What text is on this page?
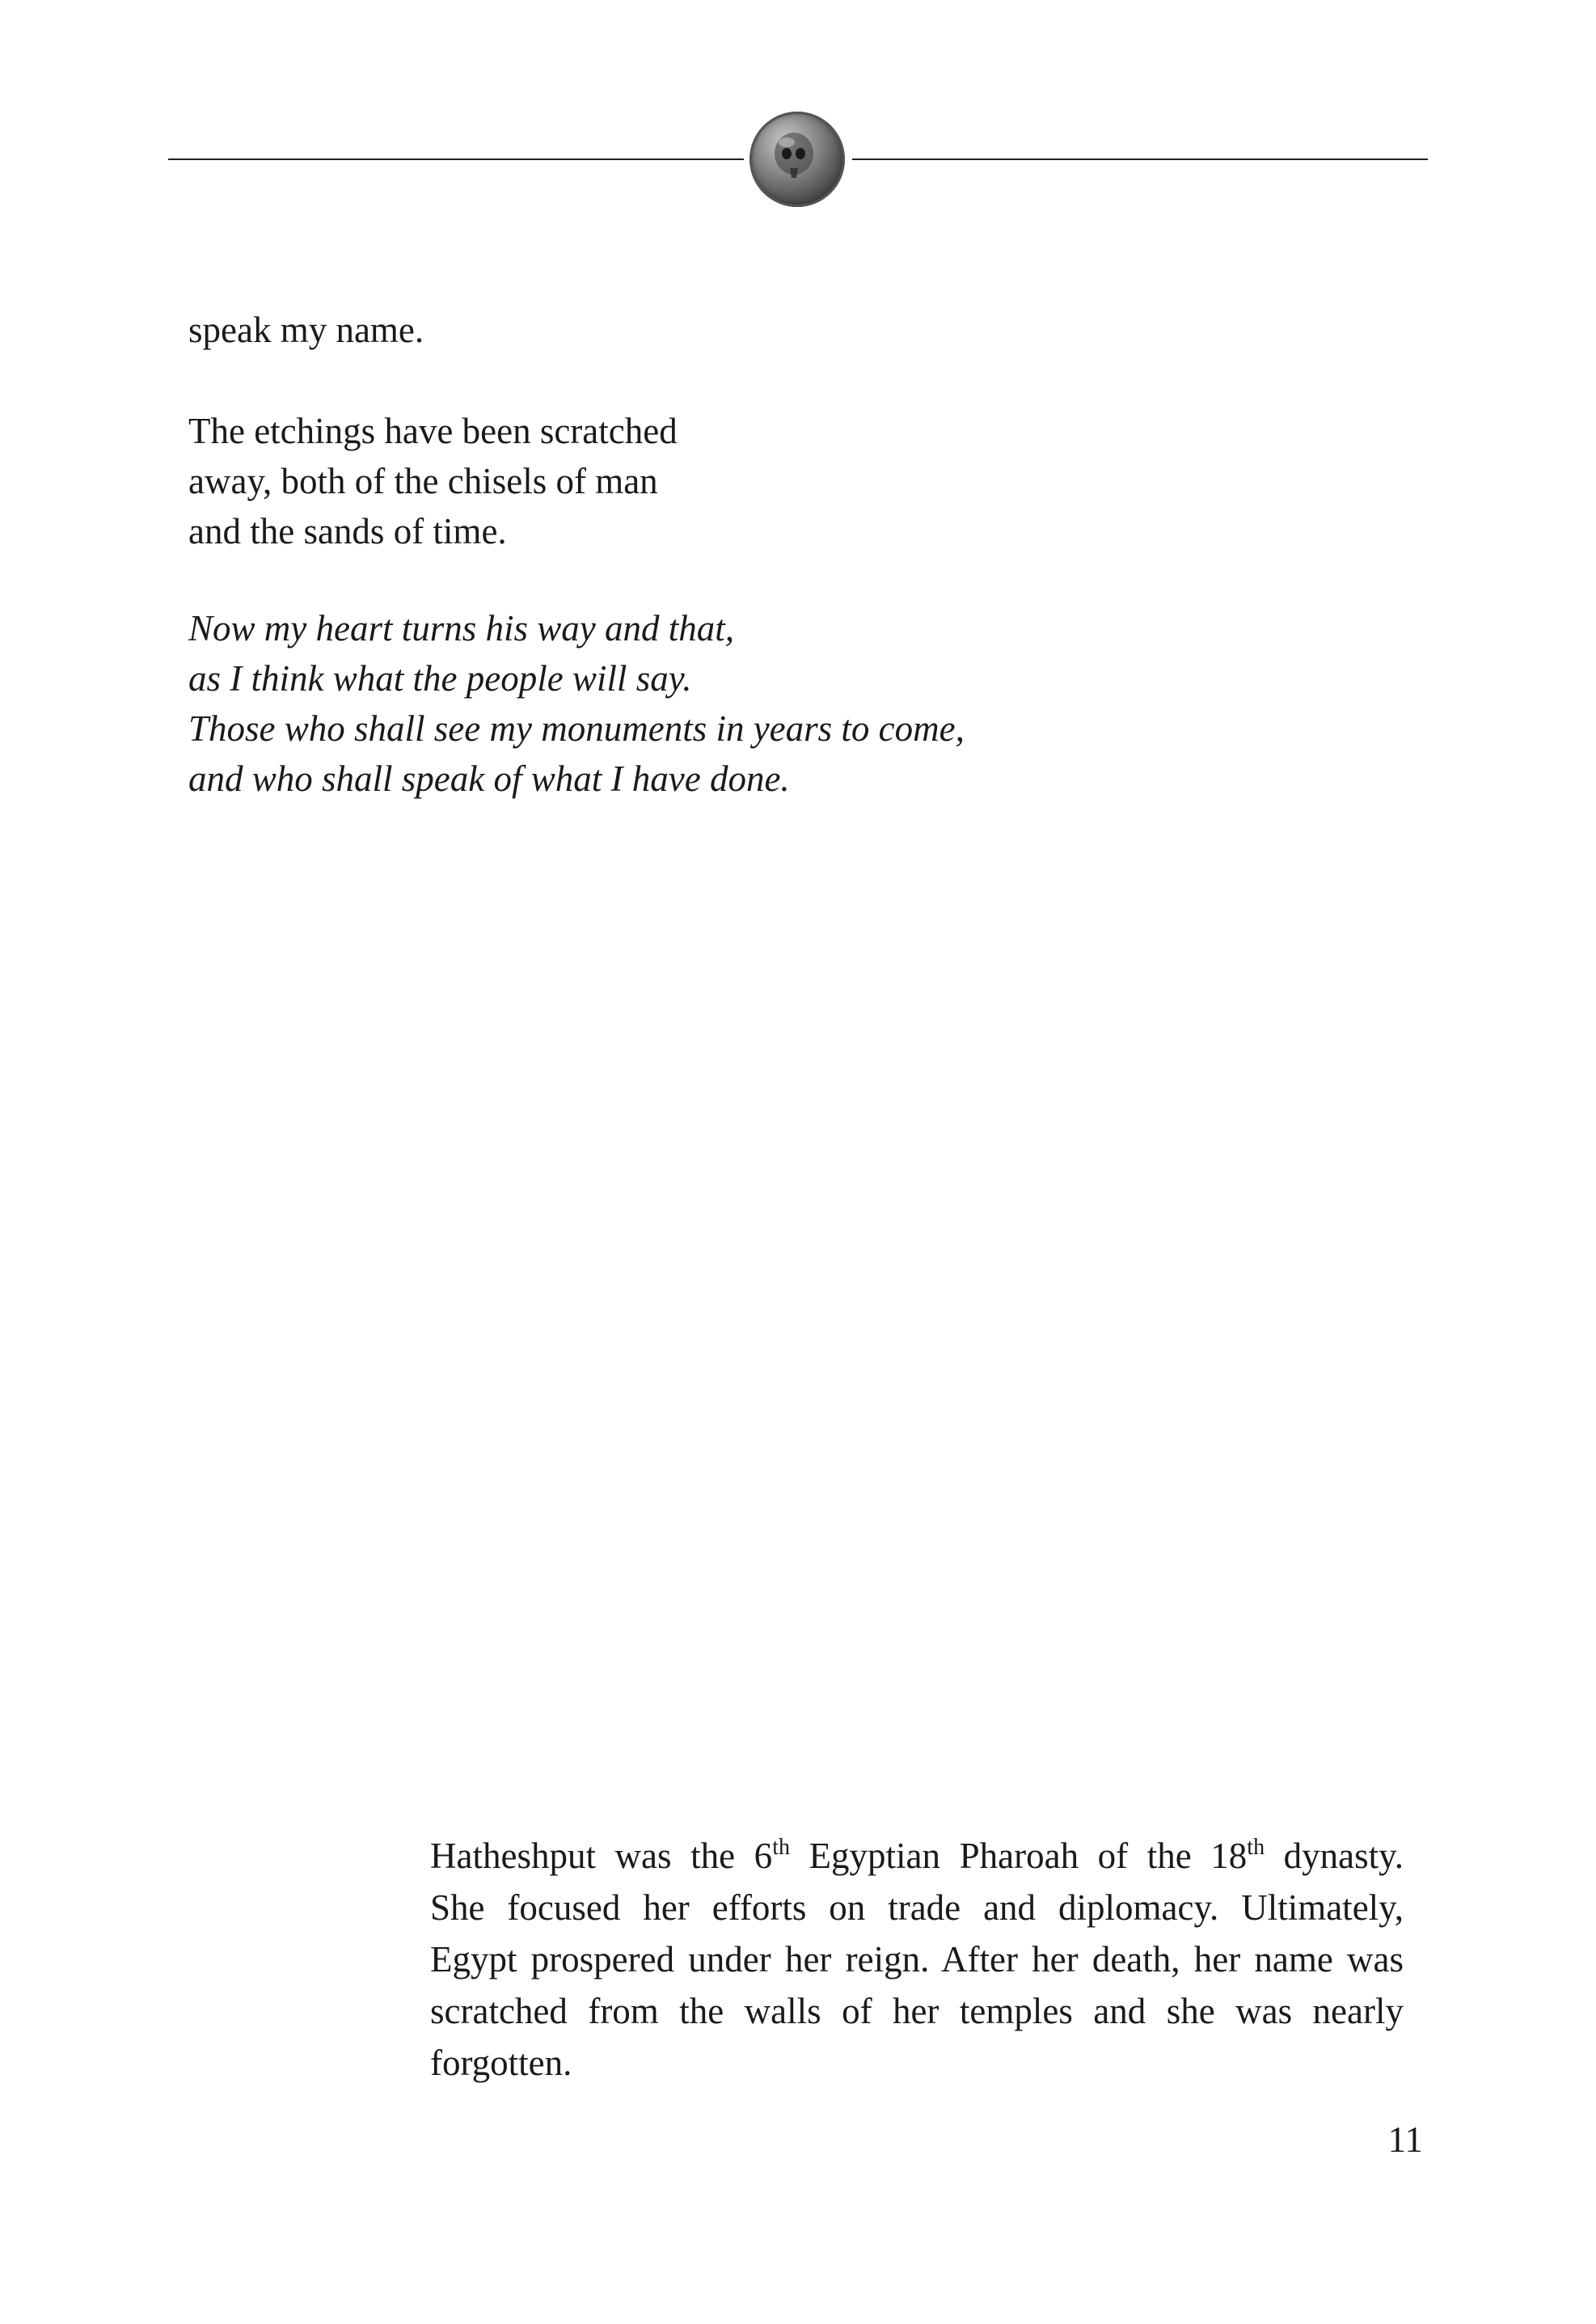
speak my name.
The etchings have been scratched
away, both of the chisels of man
and the sands of time.
Now my heart turns his way and that,
as I think what the people will say.
Those who shall see my monuments in years to come,
and who shall speak of what I have done.
Hatheshput was the 6th Egyptian Pharoah of the 18th dynasty.
She focused her efforts on trade and diplomacy. Ultimately,
Egypt prospered under her reign. After her death, her name was
scratched from the walls of her temples and she was nearly forgotten.
11
